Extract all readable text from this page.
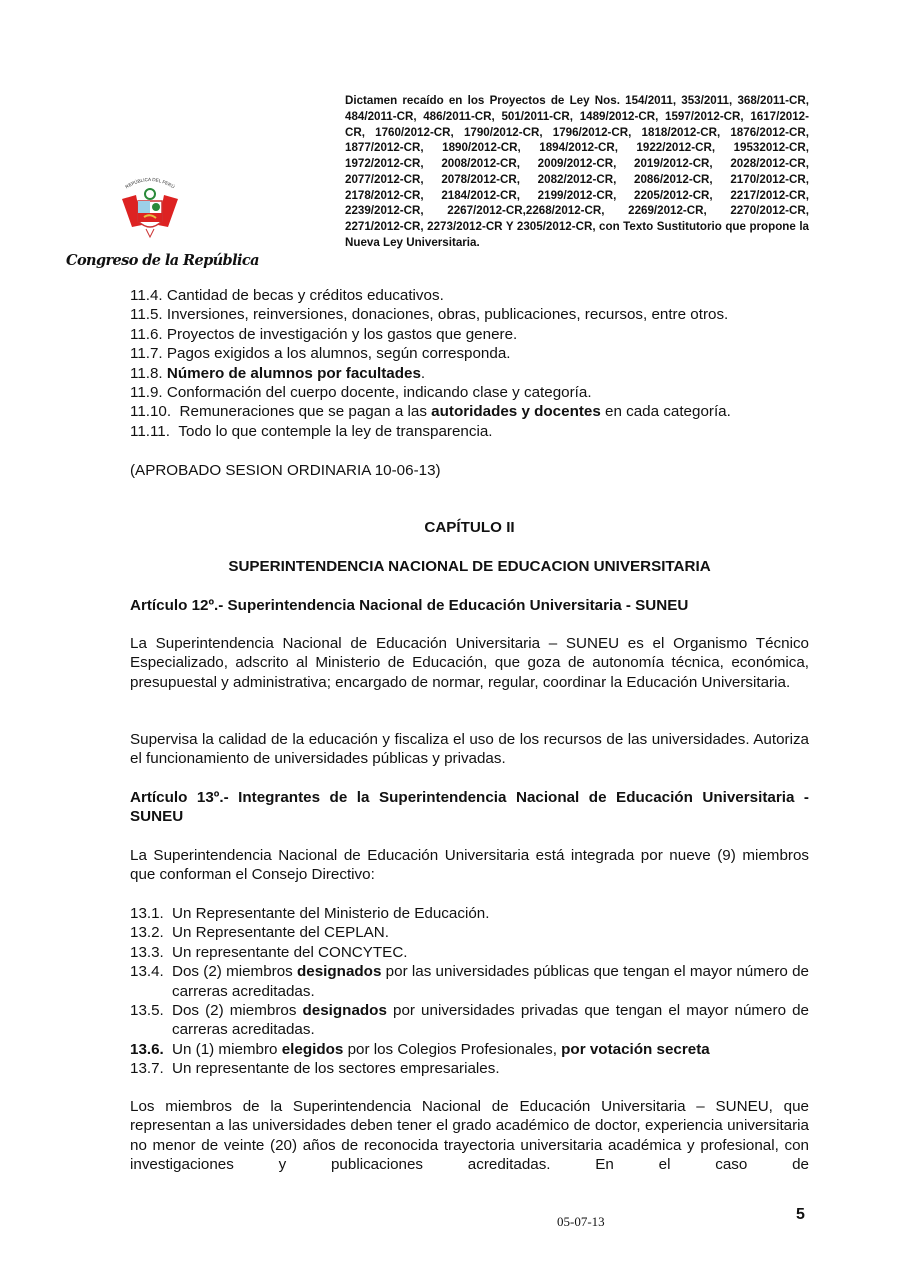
Dictamen recaído en los Proyectos de Ley Nos. 154/2011, 353/2011, 368/2011-CR, 484/2011-CR, 486/2011-CR, 501/2011-CR, 1489/2012-CR, 1597/2012-CR, 1617/2012-CR, 1760/2012-CR, 1790/2012-CR, 1796/2012-CR, 1818/2012-CR, 1876/2012-CR, 1877/2012-CR, 1890/2012-CR, 1894/2012-CR, 1922/2012-CR, 19532012-CR, 1972/2012-CR, 2008/2012-CR, 2009/2012-CR, 2019/2012-CR, 2028/2012-CR, 2077/2012-CR, 2078/2012-CR, 2082/2012-CR, 2086/2012-CR, 2170/2012-CR, 2178/2012-CR, 2184/2012-CR, 2199/2012-CR, 2205/2012-CR, 2217/2012-CR, 2239/2012-CR, 2267/2012-CR,2268/2012-CR, 2269/2012-CR, 2270/2012-CR, 2271/2012-CR, 2273/2012-CR Y 2305/2012-CR, con Texto Sustitutorio que propone la Nueva Ley Universitaria.
REPÚBLICA DEL PERÚ
Congreso de la República
11.4. Cantidad de becas y créditos educativos.
11.5. Inversiones, reinversiones, donaciones, obras, publicaciones, recursos, entre otros.
11.6. Proyectos de investigación y los gastos que genere.
11.7. Pagos exigidos a los alumnos, según corresponda.
11.8. Número de alumnos por facultades.
11.9. Conformación del cuerpo docente, indicando clase y categoría.
11.10. Remuneraciones que se pagan a las autoridades y docentes en cada categoría.
11.11. Todo lo que contemple la ley de transparencia.
(APROBADO SESION ORDINARIA 10-06-13)
CAPÍTULO II
SUPERINTENDENCIA NACIONAL DE EDUCACION UNIVERSITARIA
Artículo 12º.- Superintendencia Nacional de Educación Universitaria - SUNEU

La Superintendencia Nacional de Educación Universitaria – SUNEU es el Organismo Técnico Especializado, adscrito al Ministerio de Educación, que goza de autonomía técnica, económica, presupuestal y administrativa; encargado de normar, regular, coordinar la Educación Universitaria.

Supervisa la calidad de la educación y fiscaliza el uso de los recursos de las universidades. Autoriza el funcionamiento de universidades públicas y privadas.

Artículo 13º.- Integrantes de la Superintendencia Nacional de Educación Universitaria - SUNEU

La Superintendencia Nacional de Educación Universitaria está integrada por nueve (9) miembros que conforman el Consejo Directivo:

13.1. Un Representante del Ministerio de Educación.
13.2. Un Representante del CEPLAN.
13.3. Un representante del CONCYTEC.
13.4. Dos (2) miembros designados por las universidades públicas que tengan el mayor número de carreras acreditadas.
13.5. Dos (2) miembros designados por universidades privadas que tengan el mayor número de carreras acreditadas.
13.6. Un (1) miembro elegidos por los Colegios Profesionales, por votación secreta
13.7. Un representante de los sectores empresariales.

Los miembros de la Superintendencia Nacional de Educación Universitaria – SUNEU, que representan a las universidades deben tener el grado académico de doctor, experiencia universitaria no menor de veinte (20) años de reconocida trayectoria universitaria académica y profesional, con investigaciones y publicaciones acreditadas. En el caso de

05-07-13	5
